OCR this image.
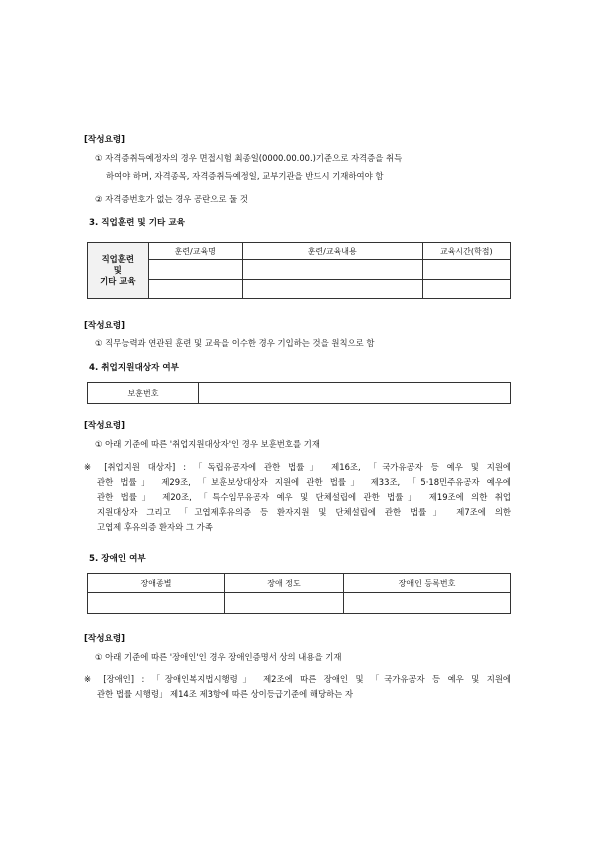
[작성요령]
① 자격증취득예정자의 경우 면접시험 최종일(0000.00.00.)기준으로 자격증을 취득
하여야 하며, 자격종목, 자격증취득예정일, 교부기관을 반드시 기재하여야 함
② 자격증번호가 없는 경우 공란으로 둘 것
3. 직업훈련 및 기타 교육
직업훈련
및
기타 교육	훈련/교육명	훈련/교육내용	교육시간(학점)

[작성요령]
① 직무능력과 연관된 훈련 및 교육을 이수한 경우 기입하는 것을 원칙으로 함
4. 취업지원대상자 여부
보훈번호	
[작성요령]
① 아래 기준에 따른 '취업지원대상자'인 경우 보훈번호를 기재
※ [취업지원 대상자] : 「독립유공자에 관한 법률」 제16조, 「국가유공자 등 예우 및 지원에
관한 법률」 제29조, 「보훈보상대상자 지원에 관한 법률」 제33조, 「5·18민주유공자 예우에
관한 법률」 제20조, 「특수임무유공자 예우 및 단체설립에 관한 법률」 제19조에 의한 취업
지원대상자 그리고 「고엽제후유의증 등 환자지원 및 단체설립에 관한 법률」 제7조에 의한
고엽제 후유의증 환자와 그 가족
5. 장애인 여부
장애종별	장애 정도	장애인 등록번호

[작성요령]
① 아래 기준에 따른 '장애인'인 경우 장애인증명서 상의 내용을 기재
※ [장애인] : 「장애인복지법시행령」 제2조에 따른 장애인 및 「국가유공자 등 예우 및 지원에
관한 법률 시행령」 제14조 제3항에 따른 상이등급기준에 해당하는 자
